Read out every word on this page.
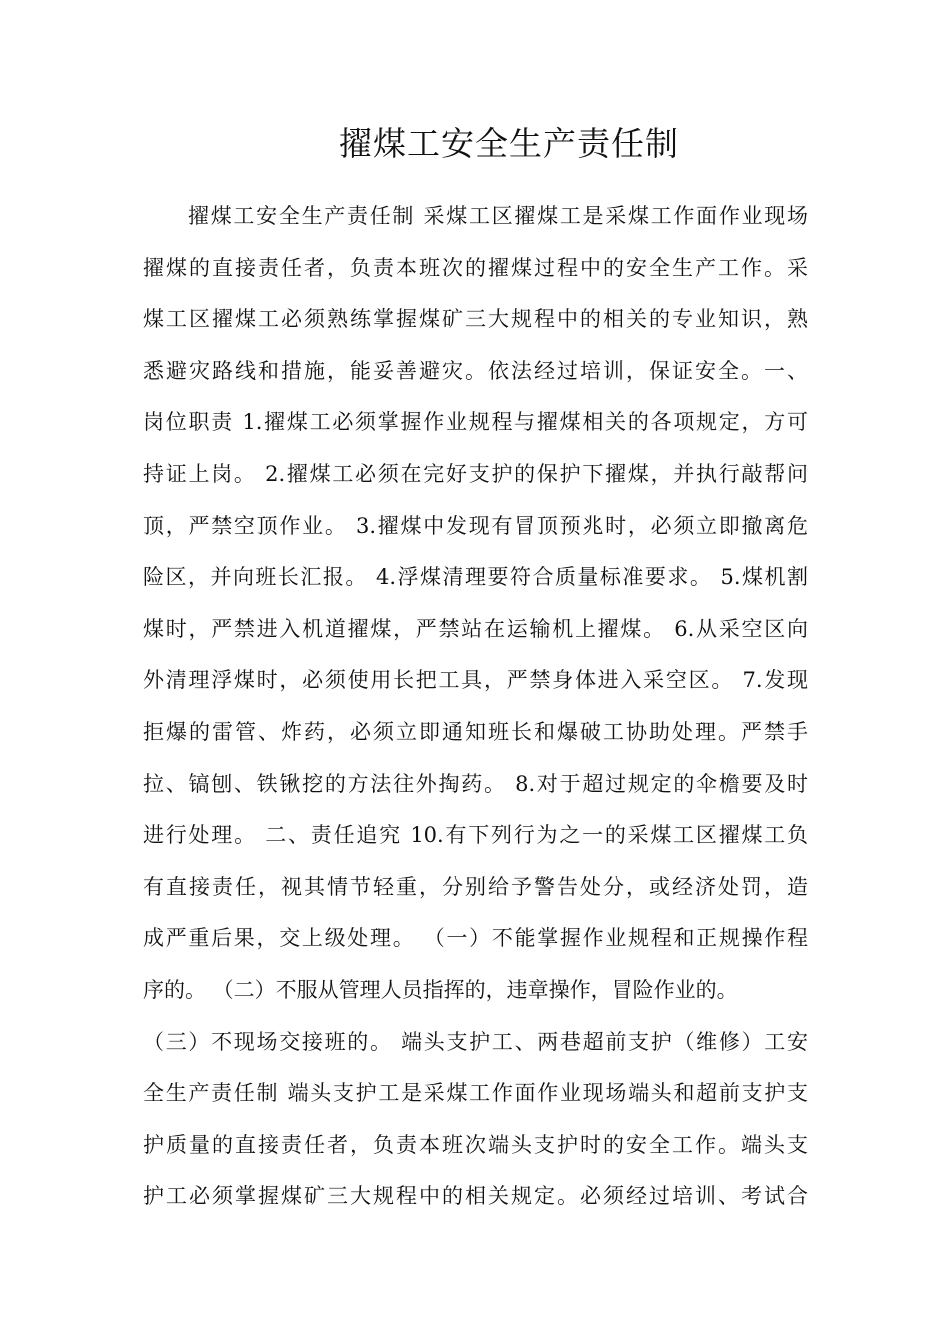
擢煤工安全生产责任制
擢煤工安全生产责任制 采煤工区擢煤工是采煤工作面作业现场
擢煤的直接责任者，负责本班次的擢煤过程中的安全生产工作。采
煤工区擢煤工必须熟练掌握煤矿三大规程中的相关的专业知识，熟
悉避灾路线和措施，能妥善避灾。依法经过培训，保证安全。一、
岗位职责 1.擢煤工必须掌握作业规程与擢煤相关的各项规定，方可
持证上岗。 2.擢煤工必须在完好支护的保护下擢煤，并执行敲帮问
顶，严禁空顶作业。 3.擢煤中发现有冒顶预兆时，必须立即撤离危
险区，并向班长汇报。 4.浮煤清理要符合质量标准要求。 5.煤机割
煤时，严禁进入机道擢煤，严禁站在运输机上擢煤。 6.从采空区向
外清理浮煤时，必须使用长把工具，严禁身体进入采空区。 7.发现
拒爆的雷管、炸药，必须立即通知班长和爆破工协助处理。严禁手
拉、镐刨、铁锹挖的方法往外掏药。 8.对于超过规定的伞檐要及时
进行处理。 二、责任追究 10.有下列行为之一的采煤工区擢煤工负
有直接责任，视其情节轻重，分别给予警告处分，或经济处罚，造
成严重后果，交上级处理。 （一）不能掌握作业规程和正规操作程
序的。 （二）不服从管理人员指挥的，违章操作，冒险作业的。
（三）不现场交接班的。 端头支护工、两巷超前支护（维修）工安
全生产责任制 端头支护工是采煤工作面作业现场端头和超前支护支
护质量的直接责任者，负责本班次端头支护时的安全工作。端头支
护工必须掌握煤矿三大规程中的相关规定。必须经过培训、考试合
